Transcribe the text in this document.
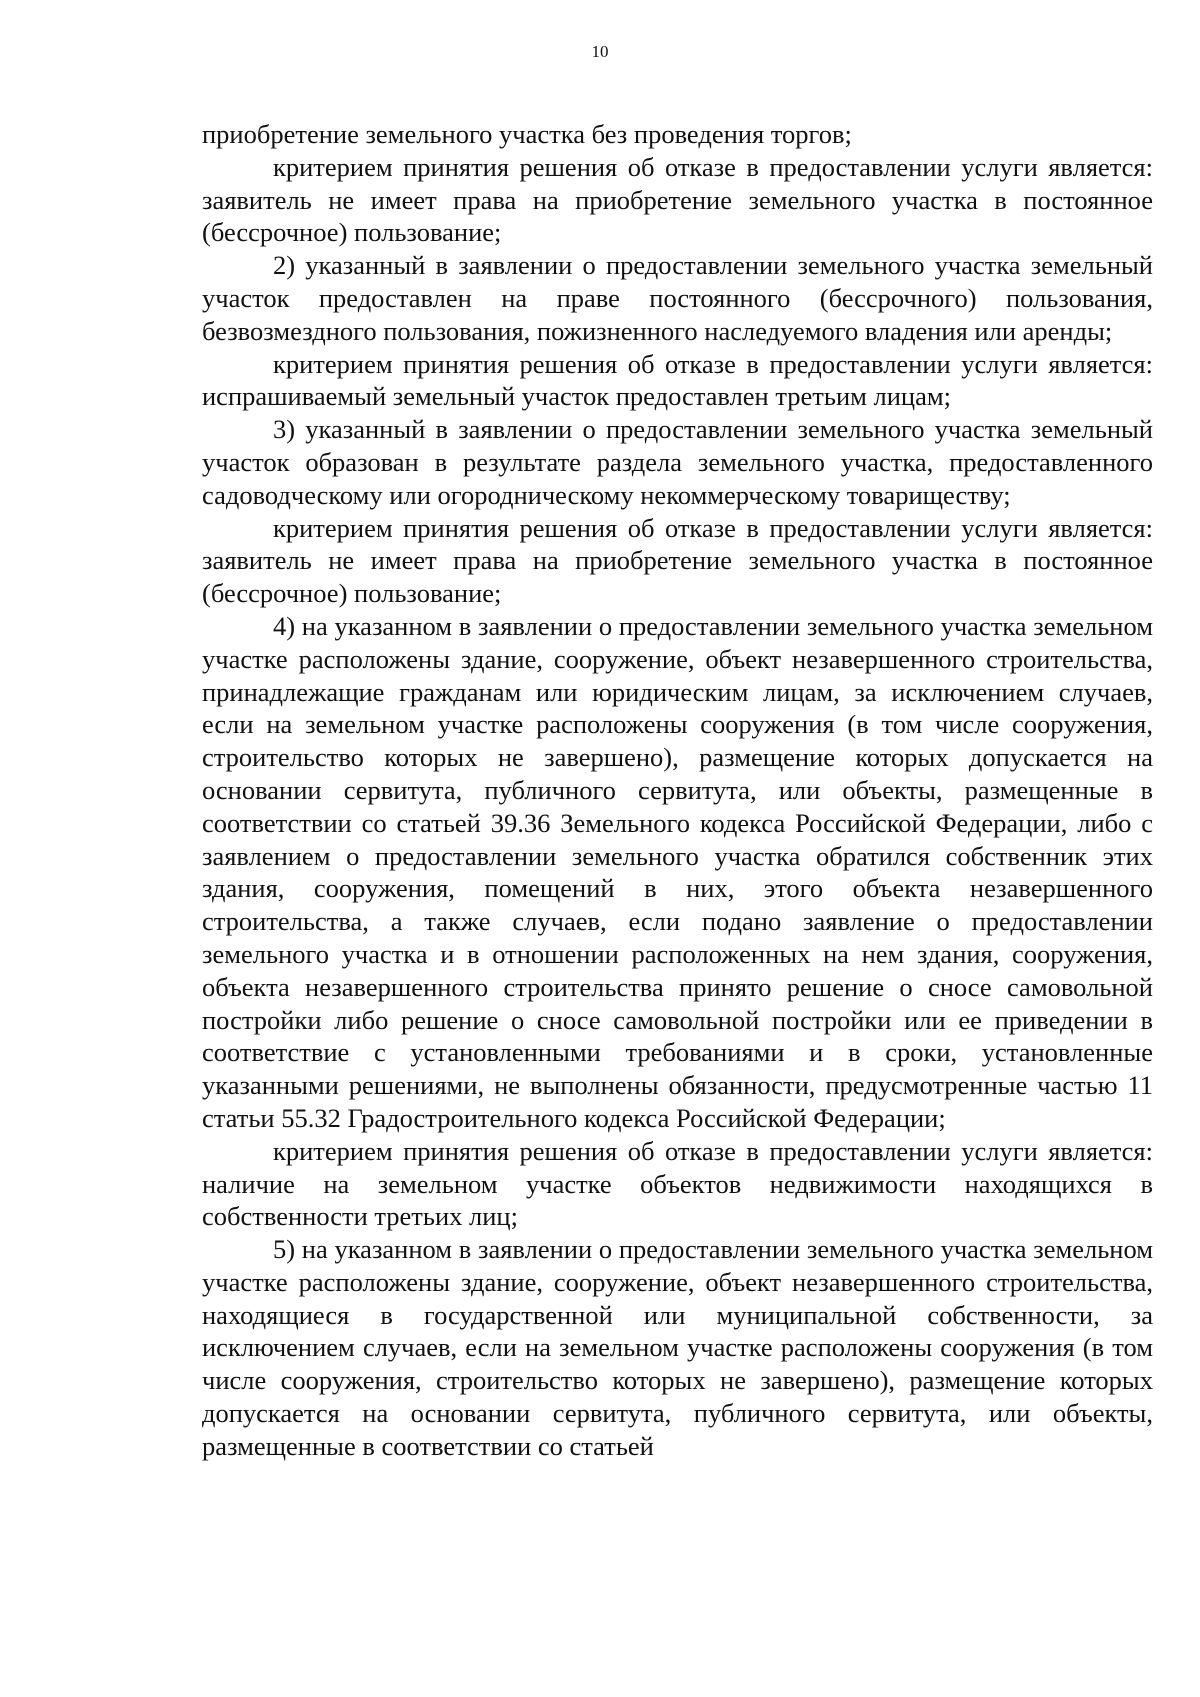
10

приобретение земельного участка без проведения торгов;

критерием принятия решения об отказе в предоставлении услуги является: заявитель не имеет права на приобретение земельного участка в постоянное (бессрочное) пользование;

2) указанный в заявлении о предоставлении земельного участка земельный участок предоставлен на праве постоянного (бессрочного) пользования, безвозмездного пользования, пожизненного наследуемого владения или аренды;

критерием принятия решения об отказе в предоставлении услуги является: испрашиваемый земельный участок предоставлен третьим лицам;

3) указанный в заявлении о предоставлении земельного участка земельный участок образован в результате раздела земельного участка, предоставленного садоводческому или огородническому некоммерческому товариществу;

критерием принятия решения об отказе в предоставлении услуги является: заявитель не имеет права на приобретение земельного участка в постоянное (бессрочное) пользование;

4) на указанном в заявлении о предоставлении земельного участка земельном участке расположены здание, сооружение, объект незавершенного строительства, принадлежащие гражданам или юридическим лицам, за исключением случаев, если на земельном участке расположены сооружения (в том числе сооружения, строительство которых не завершено), размещение которых допускается на основании сервитута, публичного сервитута, или объекты, размещенные в соответствии со статьей 39.36 Земельного кодекса Российской Федерации, либо с заявлением о предоставлении земельного участка обратился собственник этих здания, сооружения, помещений в них, этого объекта незавершенного строительства, а также случаев, если подано заявление о предоставлении земельного участка и в отношении расположенных на нем здания, сооружения, объекта незавершенного строительства принято решение о сносе самовольной постройки либо решение о сносе самовольной постройки или ее приведении в соответствие с установленными требованиями и в сроки, установленные указанными решениями, не выполнены обязанности, предусмотренные частью 11 статьи 55.32 Градостроительного кодекса Российской Федерации;

критерием принятия решения об отказе в предоставлении услуги является: наличие на земельном участке объектов недвижимости находящихся в собственности третьих лиц;

5) на указанном в заявлении о предоставлении земельного участка земельном участке расположены здание, сооружение, объект незавершенного строительства, находящиеся в государственной или муниципальной собственности, за исключением случаев, если на земельном участке расположены сооружения (в том числе сооружения, строительство которых не завершено), размещение которых допускается на основании сервитута, публичного сервитута, или объекты, размещенные в соответствии со статьей
